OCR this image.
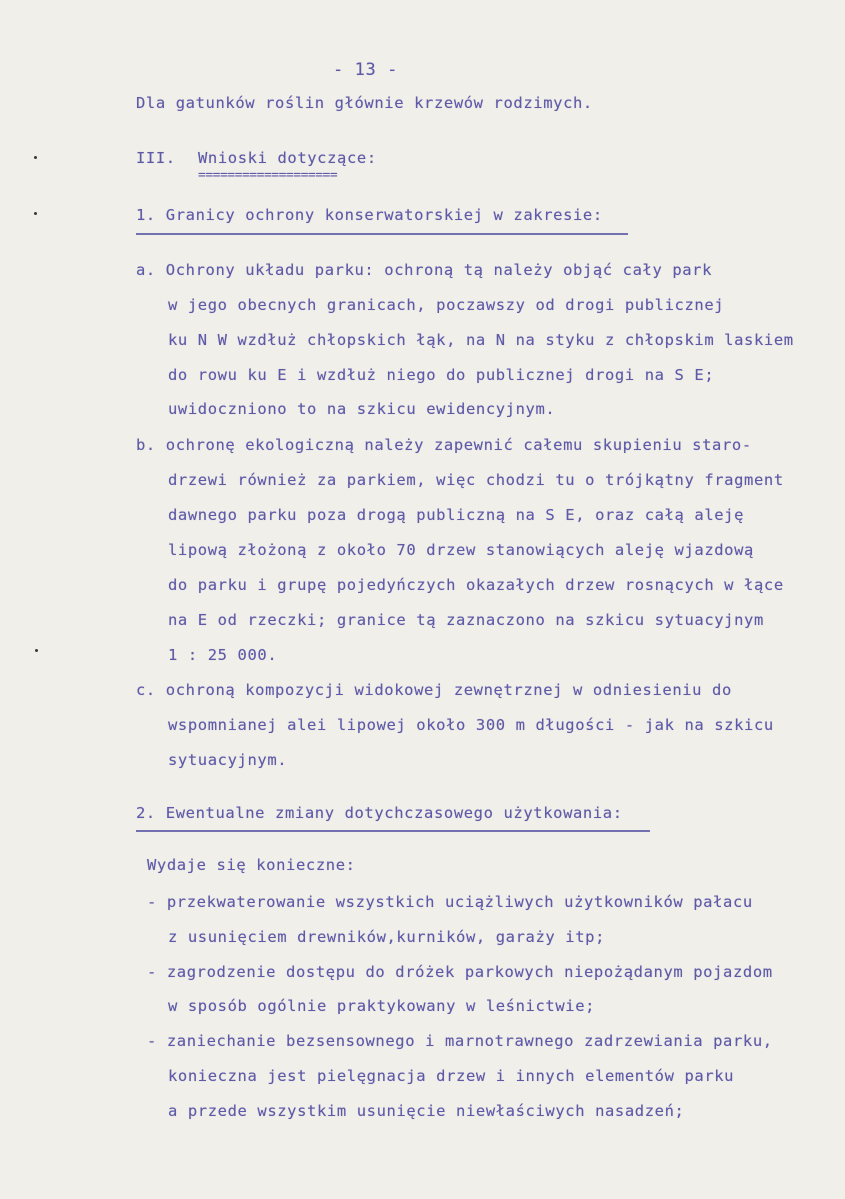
- 13 -
Dla gatunków roślin głównie krzewów rodzimych.
III. Wnioski dotyczące:
===================
1. Granicy ochrony konserwatorskiej w zakresie:
a. Ochrony układu parku: ochroną tą należy objąć cały park
w jego obecnych granicach, poczawszy od drogi publicznej
ku N W wzdłuż chłopskich łąk, na N na styku z chłopskim laskiem
do rowu ku E i wzdłuż niego do publicznej drogi na S E;
uwidoczniono to na szkicu ewidencyjnym.
b. ochronę ekologiczną należy zapewnić całemu skupieniu staro-
drzewi również za parkiem, więc chodzi tu o trójkątny fragment
dawnego parku poza drogą publiczną na S E, oraz całą aleję
lipową złożoną z około 70 drzew stanowiących aleję wjazdową
do parku i grupę pojedyńczych okazałych drzew rosnących w łące
na E od rzeczki; granice tą zaznaczono na szkicu sytuacyjnym
1 : 25 000.
c. ochroną kompozycji widokowej zewnętrznej w odniesieniu do
wspomnianej alei lipowej około 300 m długości - jak na szkicu
sytuacyjnym.
2. Ewentualne zmiany dotychczasowego użytkowania:
Wydaje się konieczne:
- przekwaterowanie wszystkich uciążliwych użytkowników pałacu
z usunięciem drewników,kurników, garaży itp;
- zagrodzenie dostępu do dróżek parkowych niepożądanym pojazdom
w sposób ogólnie praktykowany w leśnictwie;
- zaniechanie bezsensownego i marnotrawnego zadrzewiania parku,
konieczna jest pielęgnacja drzew i innych elementów parku
a przede wszystkim usunięcie niewłaściwych nasadzeń;
